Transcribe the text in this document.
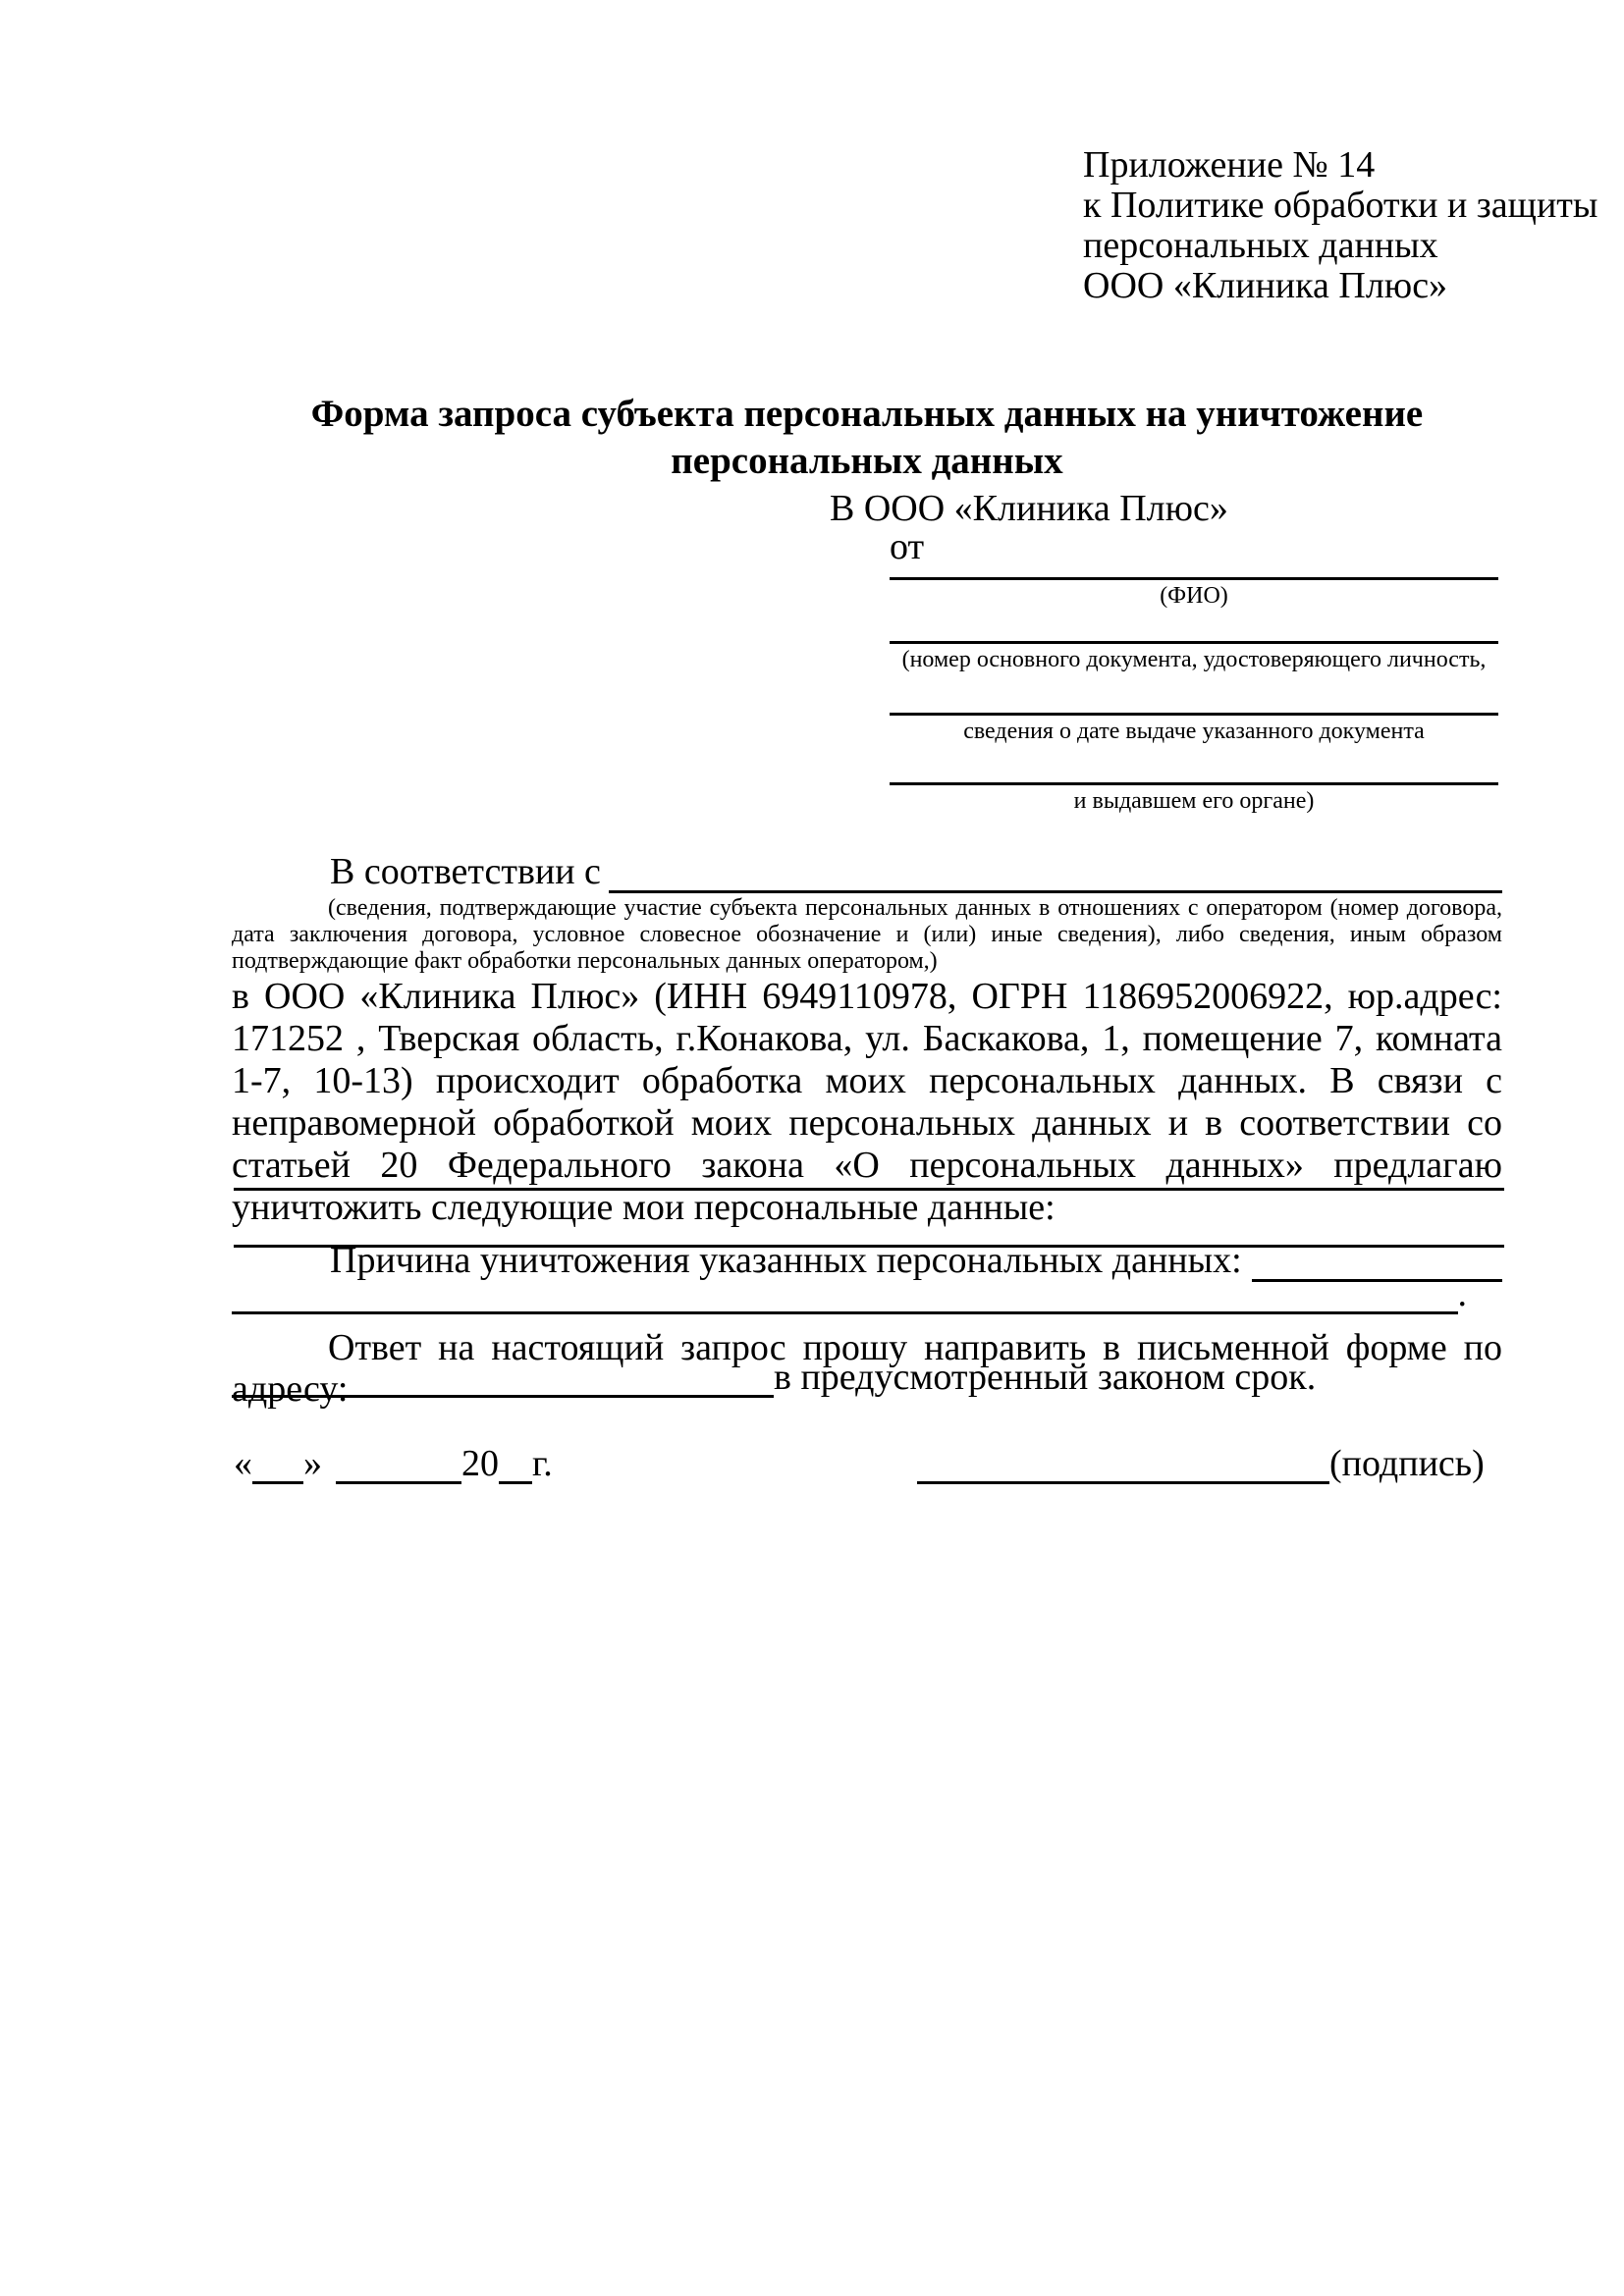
Приложение № 14
к Политике обработки и защиты
персональных данных
ООО «Клиника Плюс»
Форма запроса субъекта персональных данных на уничтожение
персональных данных
В ООО «Клиника Плюс»
от
(ФИО)
(номер основного документа, удостоверяющего личность,
сведения о дате выдаче указанного документа
и выдавшем его органе)
В соответствии с
(сведения, подтверждающие участие субъекта персональных данных в отношениях с оператором (номер договора, дата заключения договора, условное словесное обозначение и (или) иные сведения), либо сведения, иным образом подтверждающие факт обработки персональных данных оператором,)
в ООО «Клиника Плюс» (ИНН 6949110978, ОГРН 1186952006922, юр.адрес: 171252 , Тверская область, г.Конакова, ул. Баскакова, 1, помещение 7, комната 1-7, 10-13) происходит обработка моих персональных данных. В связи с неправомерной обработкой моих персональных данных и в соответствии со статьей 20 Федерального закона «О персональных данных» предлагаю уничтожить следующие мои персональные данные:
Причина уничтожения указанных персональных данных:
.
Ответ на настоящий запрос прошу направить в письменной форме по адресу:	в предусмотренный законом срок.
« »	20 г.	(подпись)
